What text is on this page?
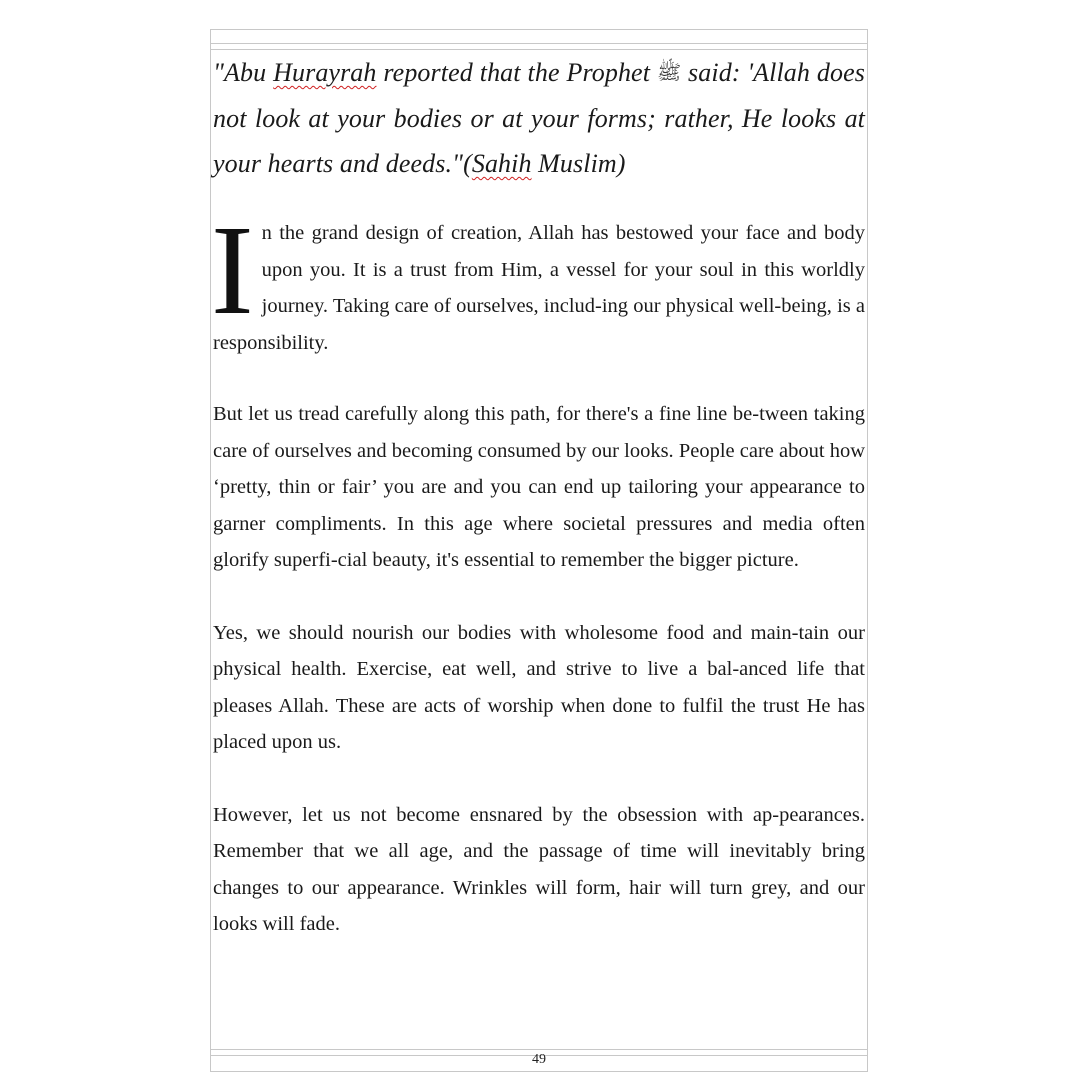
"Abu Hurayrah reported that the Prophet ﷺ said: 'Allah does not look at your bodies or at your forms; rather, He looks at your hearts and deeds."(Sahih Muslim)

I n the grand design of creation, Allah has bestowed your face and body upon you. It is a trust from Him, a vessel for your soul in this worldly journey. Taking care of ourselves, includ-ing our physical well-being, is a responsibility.

But let us tread carefully along this path, for there's a fine line be-tween taking care of ourselves and becoming consumed by our looks. People care about how ‘pretty, thin or fair’ you are and you can end up tailoring your appearance to garner compliments. In this age where societal pressures and media often glorify superfi-cial beauty, it's essential to remember the bigger picture.

Yes, we should nourish our bodies with wholesome food and main-tain our physical health. Exercise, eat well, and strive to live a bal-anced life that pleases Allah. These are acts of worship when done to fulfil the trust He has placed upon us.

However, let us not become ensnared by the obsession with ap-pearances. Remember that we all age, and the passage of time will inevitably bring changes to our appearance. Wrinkles will form, hair will turn grey, and our looks will fade.

49
